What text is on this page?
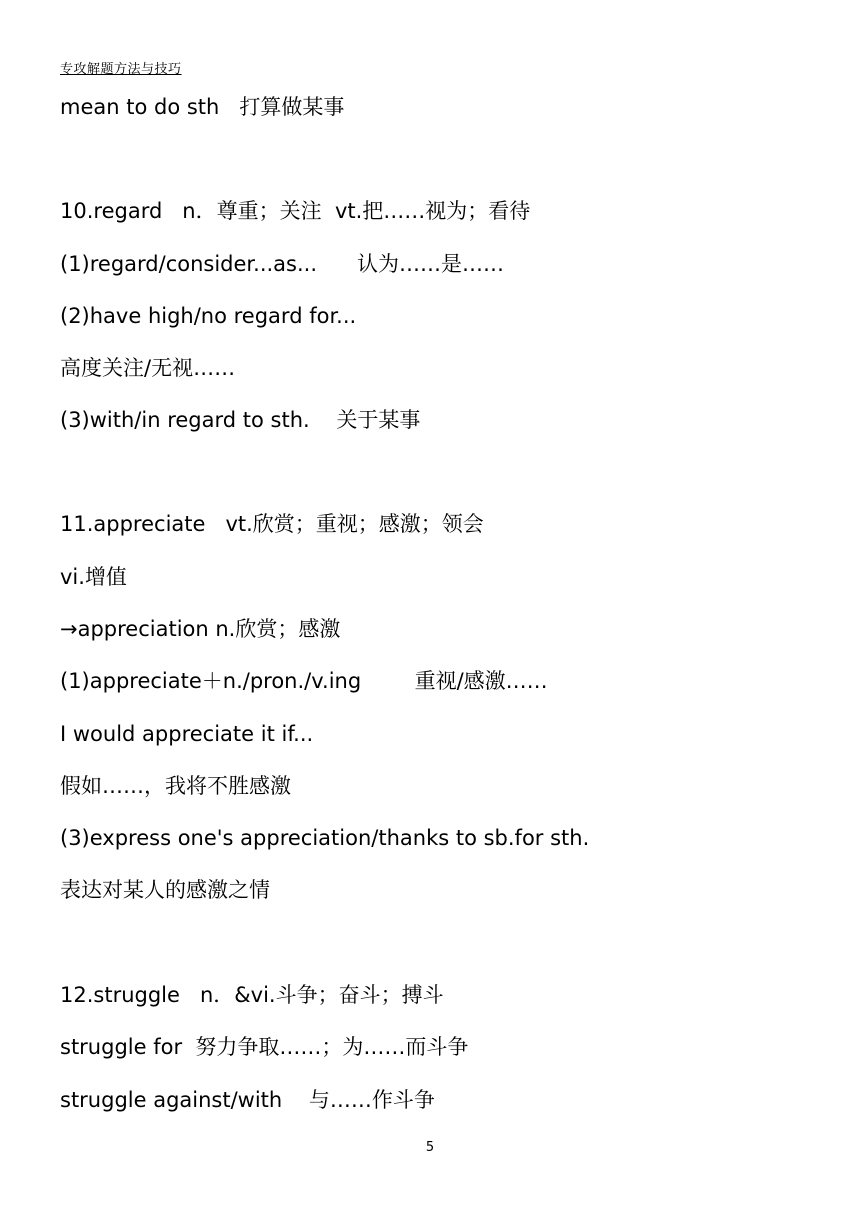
专攻解题方法与技巧
mean to do sth   打算做某事
10.regard   n．尊重；关注  vt.把……视为；看待
(1)regard/consider...as...      认为……是……
(2)have high/no regard for...
高度关注/无视……
(3)with/in regard to sth.    关于某事
11.appreciate   vt.欣赏；重视；感激；领会
vi.增值
→appreciation n.欣赏；感激
(1)appreciate＋n./pron./v.ing        重视/感激……
I would appreciate it if...
假如……，我将不胜感激
(3)express one's appreciation/thanks to sb.for sth.
表达对某人的感激之情
12.struggle   n．&vi.斗争；奋斗；搏斗
struggle for  努力争取……；为……而斗争
struggle against/with    与……作斗争
5
